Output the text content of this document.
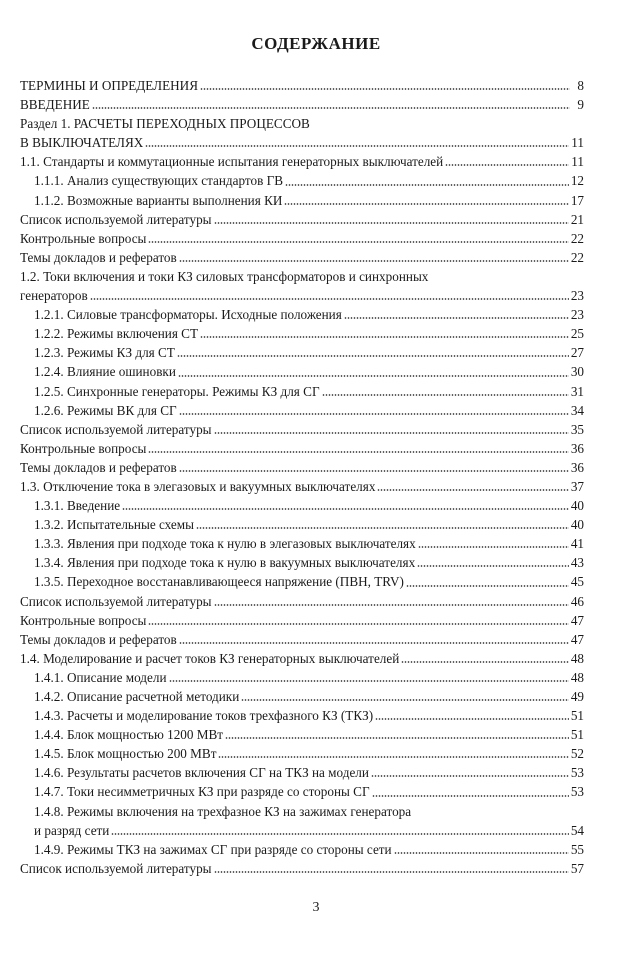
СОДЕРЖАНИЕ
ТЕРМИНЫ И ОПРЕДЕЛЕНИЯ	8
ВВЕДЕНИЕ	9
Раздел 1. РАСЧЕТЫ ПЕРЕХОДНЫХ ПРОЦЕССОВ
В ВЫКЛЮЧАТЕЛЯХ	11
1.1. Стандарты и коммутационные испытания генераторных выключателей	11
1.1.1. Анализ существующих стандартов ГВ	12
1.1.2. Возможные варианты выполнения КИ	17
Список используемой литературы	21
Контрольные вопросы	22
Темы докладов и рефератов	22
1.2. Токи включения и токи КЗ силовых трансформаторов и синхронных
генераторов	23
1.2.1. Силовые трансформаторы. Исходные положения	23
1.2.2. Режимы включения СТ	25
1.2.3. Режимы КЗ для СТ	27
1.2.4. Влияние ошиновки	30
1.2.5. Синхронные генераторы. Режимы КЗ для СГ	31
1.2.6. Режимы ВК для СГ	34
Список используемой литературы	35
Контрольные вопросы	36
Темы докладов и рефератов	36
1.3. Отключение тока в элегазовых и вакуумных выключателях	37
1.3.1. Введение	40
1.3.2. Испытательные схемы	40
1.3.3. Явления при подходе тока к нулю в элегазовых выключателях	41
1.3.4. Явления при подходе тока к нулю в вакуумных выключателях	43
1.3.5. Переходное восстанавливающееся напряжение (ПВН, TRV)	45
Список используемой литературы	46
Контрольные вопросы	47
Темы докладов и рефератов	47
1.4. Моделирование и расчет токов КЗ генераторных выключателей	48
1.4.1. Описание модели	48
1.4.2. Описание расчетной методики	49
1.4.3. Расчеты и моделирование токов трехфазного КЗ (ТКЗ)	51
1.4.4. Блок мощностью 1200 МВт	51
1.4.5. Блок мощностью 200 МВт	52
1.4.6. Результаты расчетов включения СГ на ТКЗ на модели	53
1.4.7. Токи несимметричных КЗ при разряде со стороны СГ	53
1.4.8. Режимы включения на трехфазное КЗ на зажимах генератора
и разряд сети	54
1.4.9. Режимы ТКЗ на зажимах СГ при разряде со стороны сети	55
Список используемой литературы	57
3
